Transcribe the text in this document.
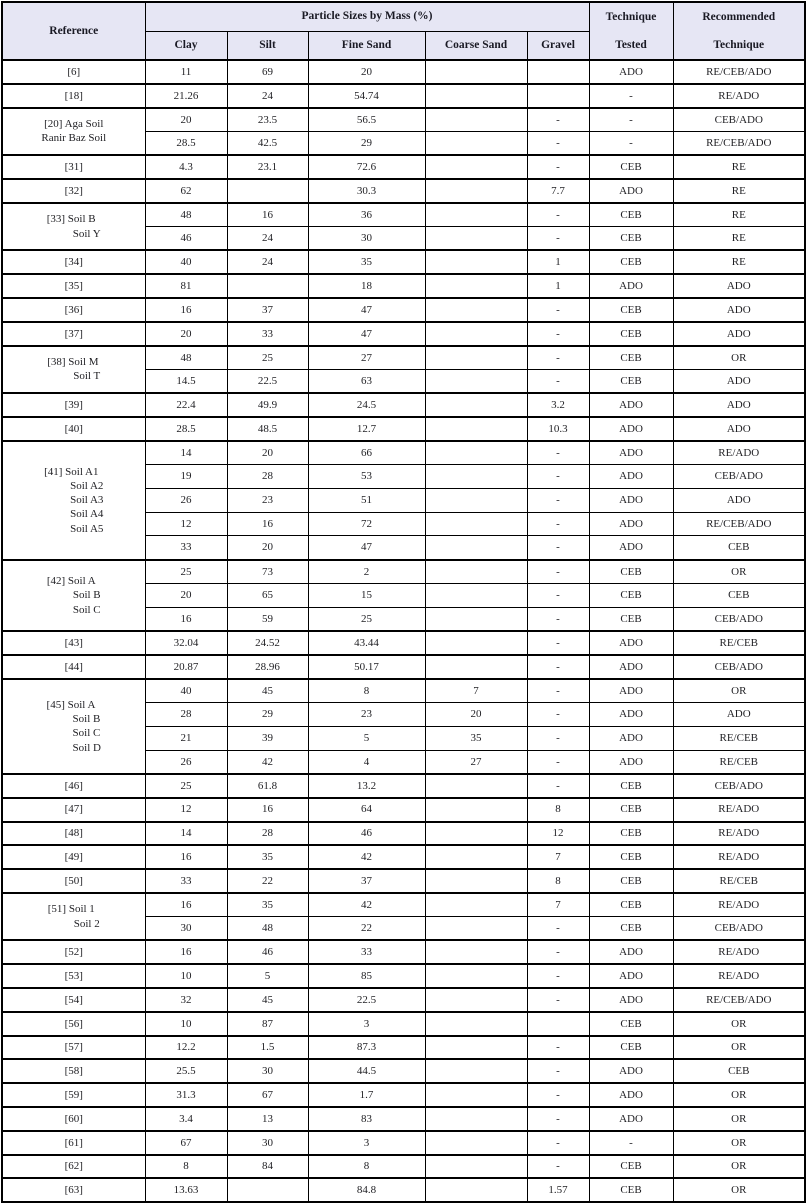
Reference	Particle Sizes by Mass (%)					Technique
Tested	Recommended
Technique

	Clay	Silt	Fine Sand	Coarse Sand	Gravel		

[6]	11	69	20			ADO	RE/CEB/ADO

[18]	21.26	24	54.74			-	RE/ADO

[20] Aga Soil
Ranir Baz Soil	20	23.5	56.5		-	-	CEB/ADO
	28.5	42.5	29		-	-	RE/CEB/ADO

[31]	4.3	23.1	72.6		-	CEB	RE

[32]	62		30.3		7.7	ADO	RE

[33] Soil B
Soil Y	48	16	36		-	CEB	RE
	46	24	30		-	CEB	RE

[34]	40	24	35		1	CEB	RE

[35]	81		18		1	ADO	ADO

[36]	16	37	47		-	CEB	ADO

[37]	20	33	47		-	CEB	ADO

[38] Soil M
Soil T	48	25	27		-	CEB	OR
	14.5	22.5	63		-	CEB	ADO

[39]	22.4	49.9	24.5		3.2	ADO	ADO

[40]	28.5	48.5	12.7		10.3	ADO	ADO

[41] Soil A1
Soil A2
Soil A3
Soil A4
Soil A5	14	20	66		-	ADO	RE/ADO
	19	28	53		-	ADO	CEB/ADO
	26	23	51		-	ADO	ADO
	12	16	72		-	ADO	RE/CEB/ADO
	33	20	47		-	ADO	CEB

[42] Soil A
Soil B
Soil C	25	73	2		-	CEB	OR
	20	65	15		-	CEB	CEB
	16	59	25		-	CEB	CEB/ADO

[43]	32.04	24.52	43.44		-	ADO	RE/CEB

[44]	20.87	28.96	50.17		-	ADO	CEB/ADO

[45] Soil A
Soil B
Soil C
Soil D	40	45	8	7	-	ADO	OR
	28	29	23	20	-	ADO	ADO
	21	39	5	35	-	ADO	RE/CEB
	26	42	4	27	-	ADO	RE/CEB

[46]	25	61.8	13.2		-	CEB	CEB/ADO

[47]	12	16	64		8	CEB	RE/ADO

[48]	14	28	46		12	CEB	RE/ADO

[49]	16	35	42		7	CEB	RE/ADO

[50]	33	22	37		8	CEB	RE/CEB

[51] Soil 1
Soil 2	16	35	42		7	CEB	RE/ADO
	30	48	22		-	CEB	CEB/ADO

[52]	16	46	33		-	ADO	RE/ADO

[53]	10	5	85		-	ADO	RE/ADO

[54]	32	45	22.5		-	ADO	RE/CEB/ADO

[56]	10	87	3			CEB	OR

[57]	12.2	1.5	87.3		-	CEB	OR

[58]	25.5	30	44.5		-	ADO	CEB

[59]	31.3	67	1.7		-	ADO	OR

[60]	3.4	13	83		-	ADO	OR

[61]	67	30	3		-	-	OR

[62]	8	84	8		-	CEB	OR

[63]	13.63		84.8		1.57	CEB	OR
